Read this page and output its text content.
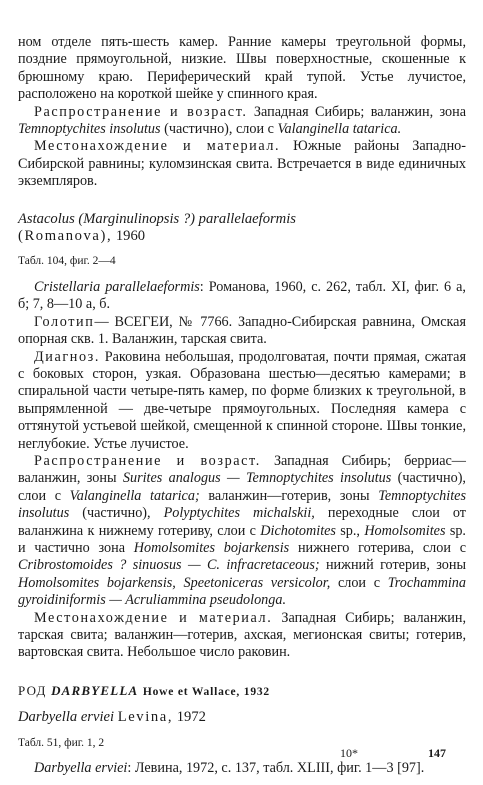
ном отделе пять-шесть камер. Ранние камеры треугольной формы, поздние прямоугольной, низкие. Швы поверхностные, скошенные к брюшному краю. Периферический край тупой. Устье лучистое, расположено на короткой шейке у спинного края.

Распространение и возраст. Западная Сибирь; валанжин, зона Temnoptychites insolutus (частично), слои с Valanginella tatarica.

Местонахождение и материал. Южные районы Западно-Сибирской равнины; куломзинская свита. Встречается в виде единичных экземпляров.

Astacolus (Marginulinopsis ?) parallelaeformis

(Romanova), 1960

Табл. 104, фиг. 2—4

Cristellaria parallelaeformis: Романова, 1960, с. 262, табл. XI, фиг. 6 а, б; 7, 8—10 а, б.

Голотип— ВСЕГЕИ, № 7766. Западно-Сибирская равнина, Омская опорная скв. 1. Валанжин, тарская свита.

Диагноз. Раковина небольшая, продолговатая, почти прямая, сжатая с боковых сторон, узкая. Образована шестью—десятью камерами; в спиральной части четыре-пять камер, по форме близких к треугольной, в выпрямленной — две-четыре прямоугольных. Последняя камера с оттянутой устьевой шейкой, смещенной к спинной стороне. Швы тонкие, неглубокие. Устье лучистое.

Распространение и возраст. Западная Сибирь; берриас—валанжин, зоны Surites analogus — Temnoptychites insolutus (частично), слои с Valanginella tatarica; валанжин—готерив, зоны Temnoptychites insolutus (частично), Polyptychites michalskii, переходные слои от валанжина к нижнему готериву, слои с Dichotomites sp., Homolsomites sp. и частично зона Homolsomites bojarkensis нижнего готерива, слои с Cribrostomoides ? sinuosus — C. infracretaceous; нижний готерив, зоны Homolsomites bojarkensis, Speetoniceras versicolor, слои с Trochammina gyroidiniformis — Acruliammina pseudolonga.

Местонахождение и материал. Западная Сибирь; валанжин, тарская свита; валанжин—готерив, ахская, мегионская свиты; готерив, вартовская свита. Небольшое число раковин.

РОД DARBYELLA Howe et Wallace, 1932

Darbyella erviei Levina, 1972

Табл. 51, фиг. 1, 2

Darbyella erviei: Левина, 1972, с. 137, табл. XLIII, фиг. 1—3 [97].

10*	147
